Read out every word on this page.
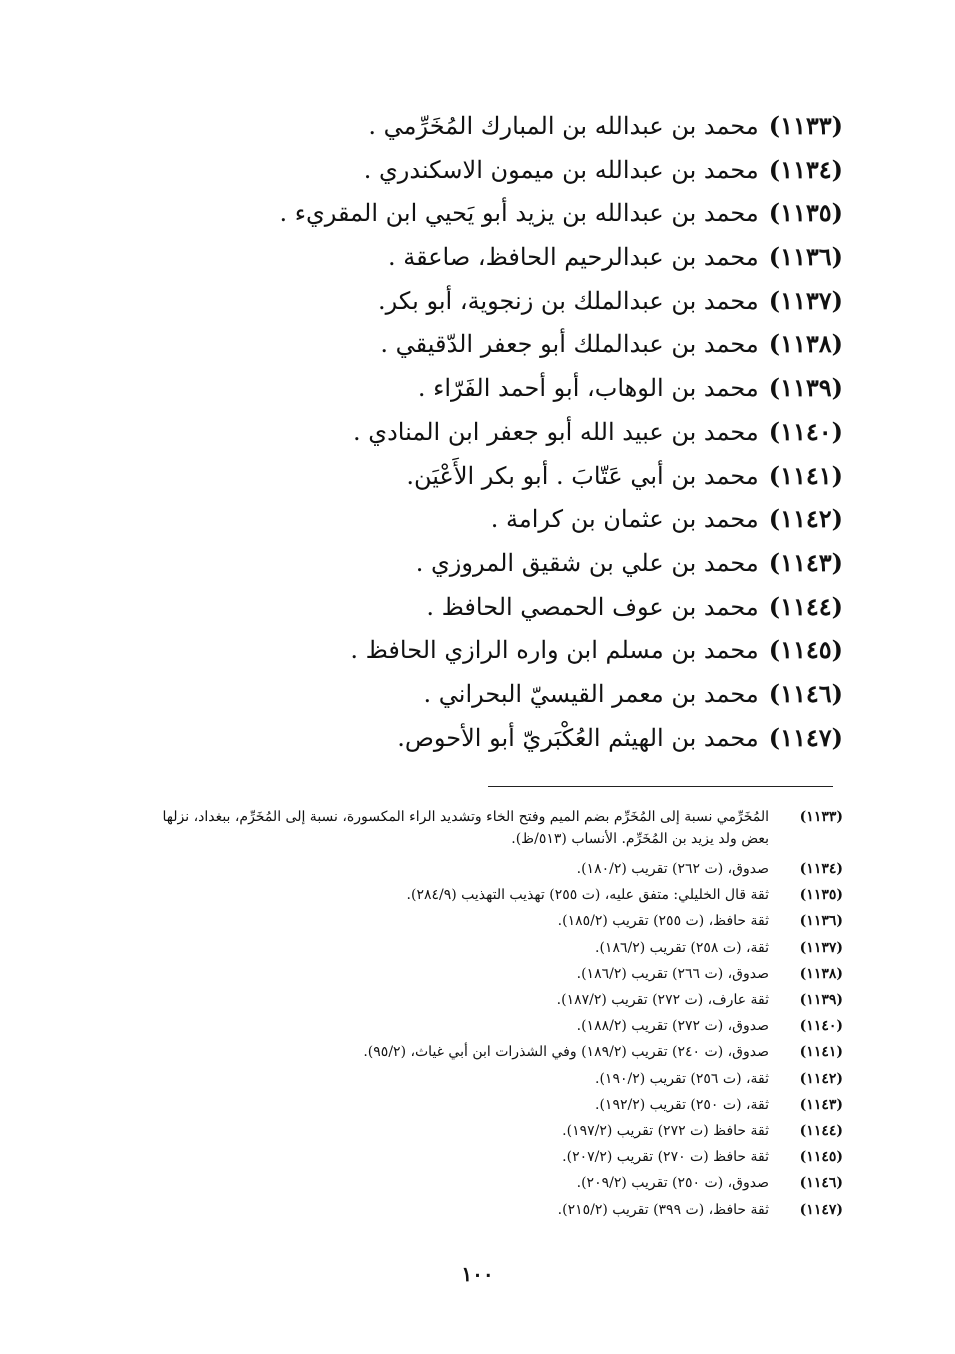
(١١٣٣)محمد بن عبدالله بن المبارك المُخَرِّمي .
(١١٣٤)محمد بن عبدالله بن ميمون الاسكندري .
(١١٣٥)محمد بن عبدالله بن يزيد أبو يَحيي ابن المقريء .
(١١٣٦)محمد بن عبدالرحيم الحافظ، صاعقة .
(١١٣٧)محمد بن عبدالملك بن زنجوية، أبو بكر.
(١١٣٨)محمد بن عبدالملك أبو جعفر الدّقيقي .
(١١٣٩)محمد بن الوهاب، أبو أحمد الفَرّاء .
(١١٤٠)محمد بن عبيد الله أبو جعفر ابن المنادي .
(١١٤١)محمد بن أبي عَتّابَ . أبو بكر الأَعْيَن.
(١١٤٢)محمد بن عثمان بن كرامة .
(١١٤٣)محمد بن علي بن شقيق المروزي .
(١١٤٤)محمد بن عوف الحمصي الحافظ .
(١١٤٥)محمد بن مسلم ابن واره الرازي الحافظ .
(١١٤٦)محمد بن معمر القيسيّ البحراني .
(١١٤٧)محمد بن الهيثم العُكْبَريّ أبو الأحوص.
(١١٣٣)
المُخَرِّمي نسبة إلى المُخَرِّم بضم الميم وفتح الخاء وتشديد الراء المكسورة، نسبة إلى المُخَرِّم، ببغداد، نزلها بعض ولد يزيد بن المُخَرِّم. الأنساب (٥١٣/ظ).
(١١٣٤)
صدوق، (ت ٢٦٢) تقريب (١٨٠/٢).
(١١٣٥)
ثقة قال الخليلي: متفق عليه، (ت ٢٥٥) تهذيب التهذيب (٢٨٤/٩).
(١١٣٦)
ثقة حافظ، (ت ٢٥٥) تقريب (١٨٥/٢).
(١١٣٧)
ثقة، (ت ٢٥٨) تقريب (١٨٦/٢).
(١١٣٨)
صدوق، (ت ٢٦٦) تقريب (١٨٦/٢).
(١١٣٩)
ثقة عارف، (ت ٢٧٢) تقريب (١٨٧/٢).
(١١٤٠)
صدوق، (ت ٢٧٢) تقريب (١٨٨/٢).
(١١٤١)
صدوق، (ت ٢٤٠) تقريب (١٨٩/٢) وفي الشذرات ابن أبي غياث، (٩٥/٢).
(١١٤٢)
ثقة، (ت ٢٥٦) تقريب (١٩٠/٢).
(١١٤٣)
ثقة، (ت ٢٥٠) تقريب (١٩٢/٢).
(١١٤٤)
ثقة حافظ (ت ٢٧٢) تقريب (١٩٧/٢).
(١١٤٥)
ثقة حافظ (ت ٢٧٠) تقريب (٢٠٧/٢).
(١١٤٦)
صدوق، (ت ٢٥٠) تقريب (٢٠٩/٢).
(١١٤٧)
ثقة حافظ، (ت ٣٩٩) تقريب (٢١٥/٢).
١٠٠
